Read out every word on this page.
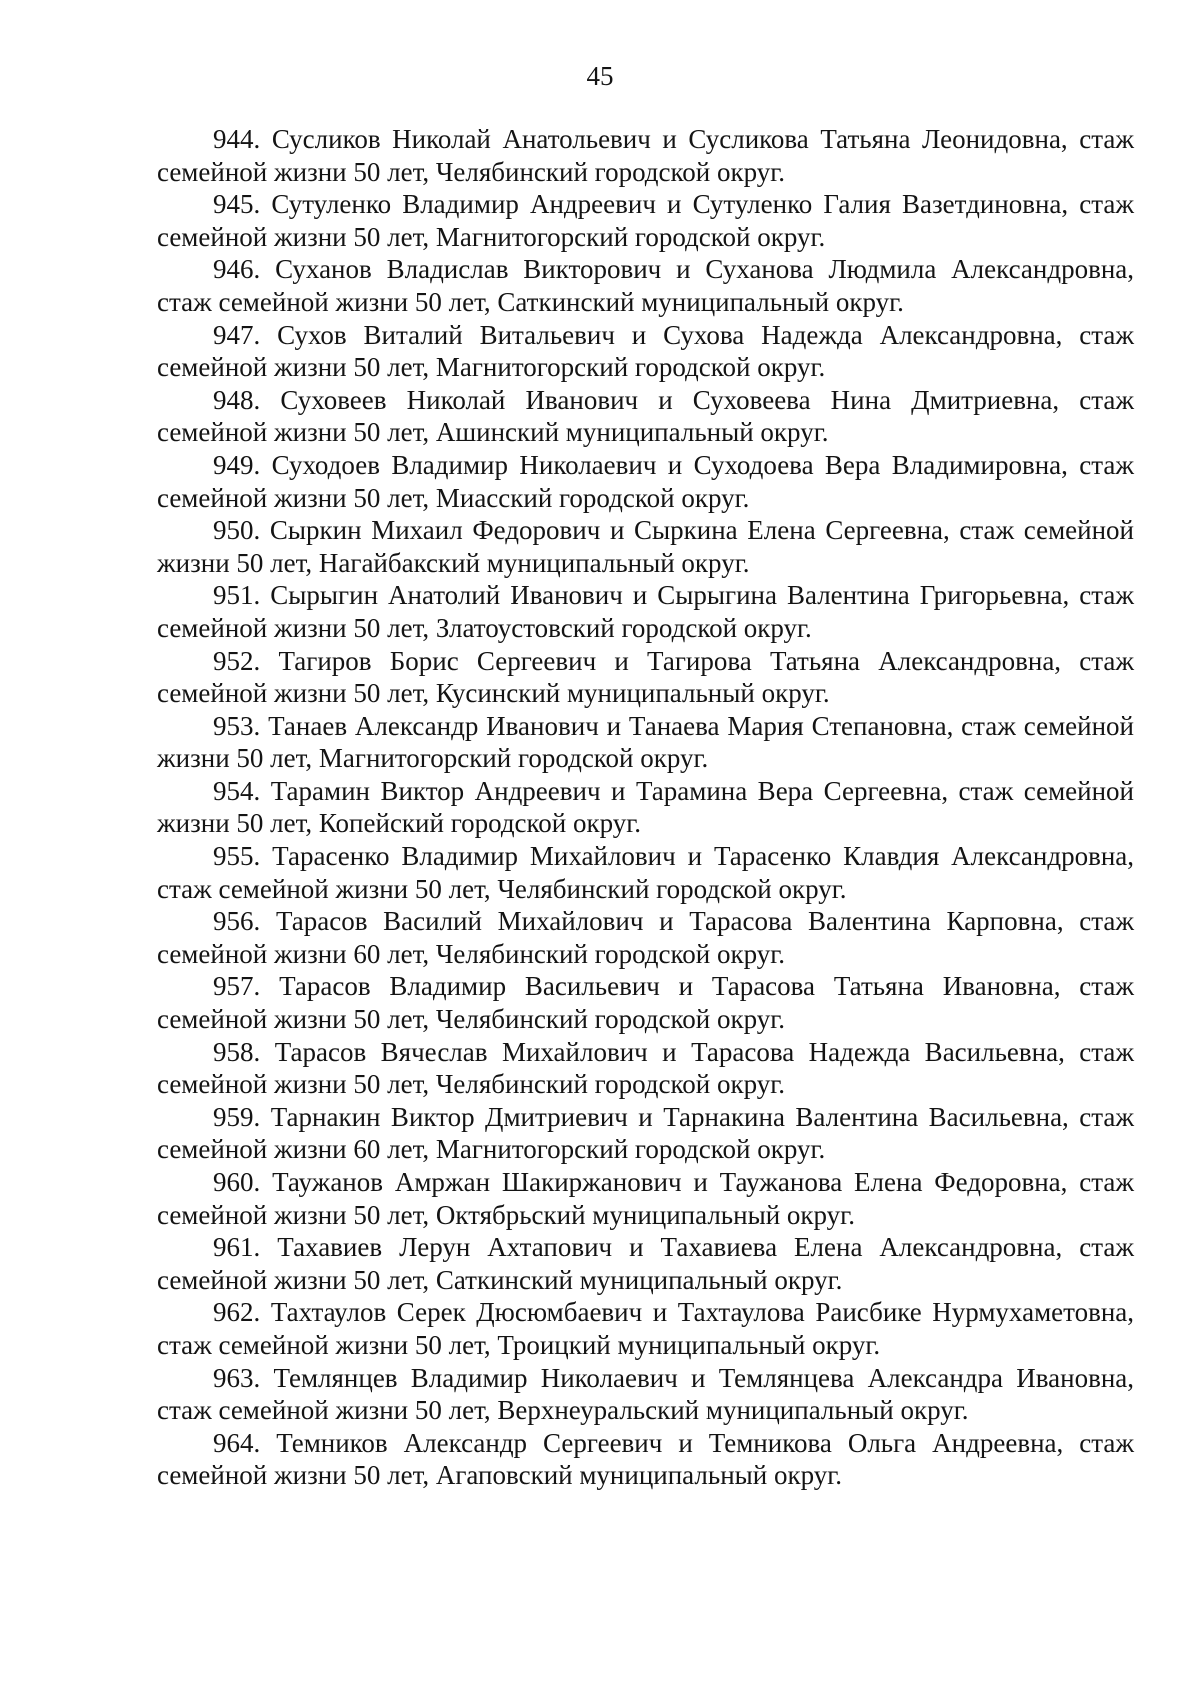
45

944. Сусликов Николай Анатольевич и Сусликова Татьяна Леонидовна, стаж семейной жизни 50 лет, Челябинский городской округ.

945. Сутуленко Владимир Андреевич и Сутуленко Галия Вазетдиновна, стаж семейной жизни 50 лет, Магнитогорский городской округ.

946. Суханов Владислав Викторович и Суханова Людмила Александровна, стаж семейной жизни 50 лет, Саткинский муниципальный округ.

947. Сухов Виталий Витальевич и Сухова Надежда Александровна, стаж семейной жизни 50 лет, Магнитогорский городской округ.

948. Суховеев Николай Иванович и Суховеева Нина Дмитриевна, стаж семейной жизни 50 лет, Ашинский муниципальный округ.

949. Суходоев Владимир Николаевич и Суходоева Вера Владимировна, стаж семейной жизни 50 лет, Миасский городской округ.

950. Сыркин Михаил Федорович и Сыркина Елена Сергеевна, стаж семейной жизни 50 лет, Нагайбакский муниципальный округ.

951. Сырыгин Анатолий Иванович и Сырыгина Валентина Григорьевна, стаж семейной жизни 50 лет, Златоустовский городской округ.

952. Тагиров Борис Сергеевич и Тагирова Татьяна Александровна, стаж семейной жизни 50 лет, Кусинский муниципальный округ.

953. Танаев Александр Иванович и Танаева Мария Степановна, стаж семейной жизни 50 лет, Магнитогорский городской округ.

954. Тарамин Виктор Андреевич и Тарамина Вера Сергеевна, стаж семейной жизни 50 лет, Копейский городской округ.

955. Тарасенко Владимир Михайлович и Тарасенко Клавдия Александровна, стаж семейной жизни 50 лет, Челябинский городской округ.

956. Тарасов Василий Михайлович и Тарасова Валентина Карповна, стаж семейной жизни 60 лет, Челябинский городской округ.

957. Тарасов Владимир Васильевич и Тарасова Татьяна Ивановна, стаж семейной жизни 50 лет, Челябинский городской округ.

958. Тарасов Вячеслав Михайлович и Тарасова Надежда Васильевна, стаж семейной жизни 50 лет, Челябинский городской округ.

959. Тарнакин Виктор Дмитриевич и Тарнакина Валентина Васильевна, стаж семейной жизни 60 лет, Магнитогорский городской округ.

960. Таужанов Амржан Шакиржанович и Таужанова Елена Федоровна, стаж семейной жизни 50 лет, Октябрьский муниципальный округ.

961. Тахавиев Лерун Ахтапович и Тахавиева Елена Александровна, стаж семейной жизни 50 лет, Саткинский муниципальный округ.

962. Тахтаулов Серек Дюсюмбаевич и Тахтаулова Раисбике Нурмухаметовна, стаж семейной жизни 50 лет, Троицкий муниципальный округ.

963. Темлянцев Владимир Николаевич и Темлянцева Александра Ивановна, стаж семейной жизни 50 лет, Верхнеуральский муниципальный округ.

964. Темников Александр Сергеевич и Темникова Ольга Андреевна, стаж семейной жизни 50 лет, Агаповский муниципальный округ.
